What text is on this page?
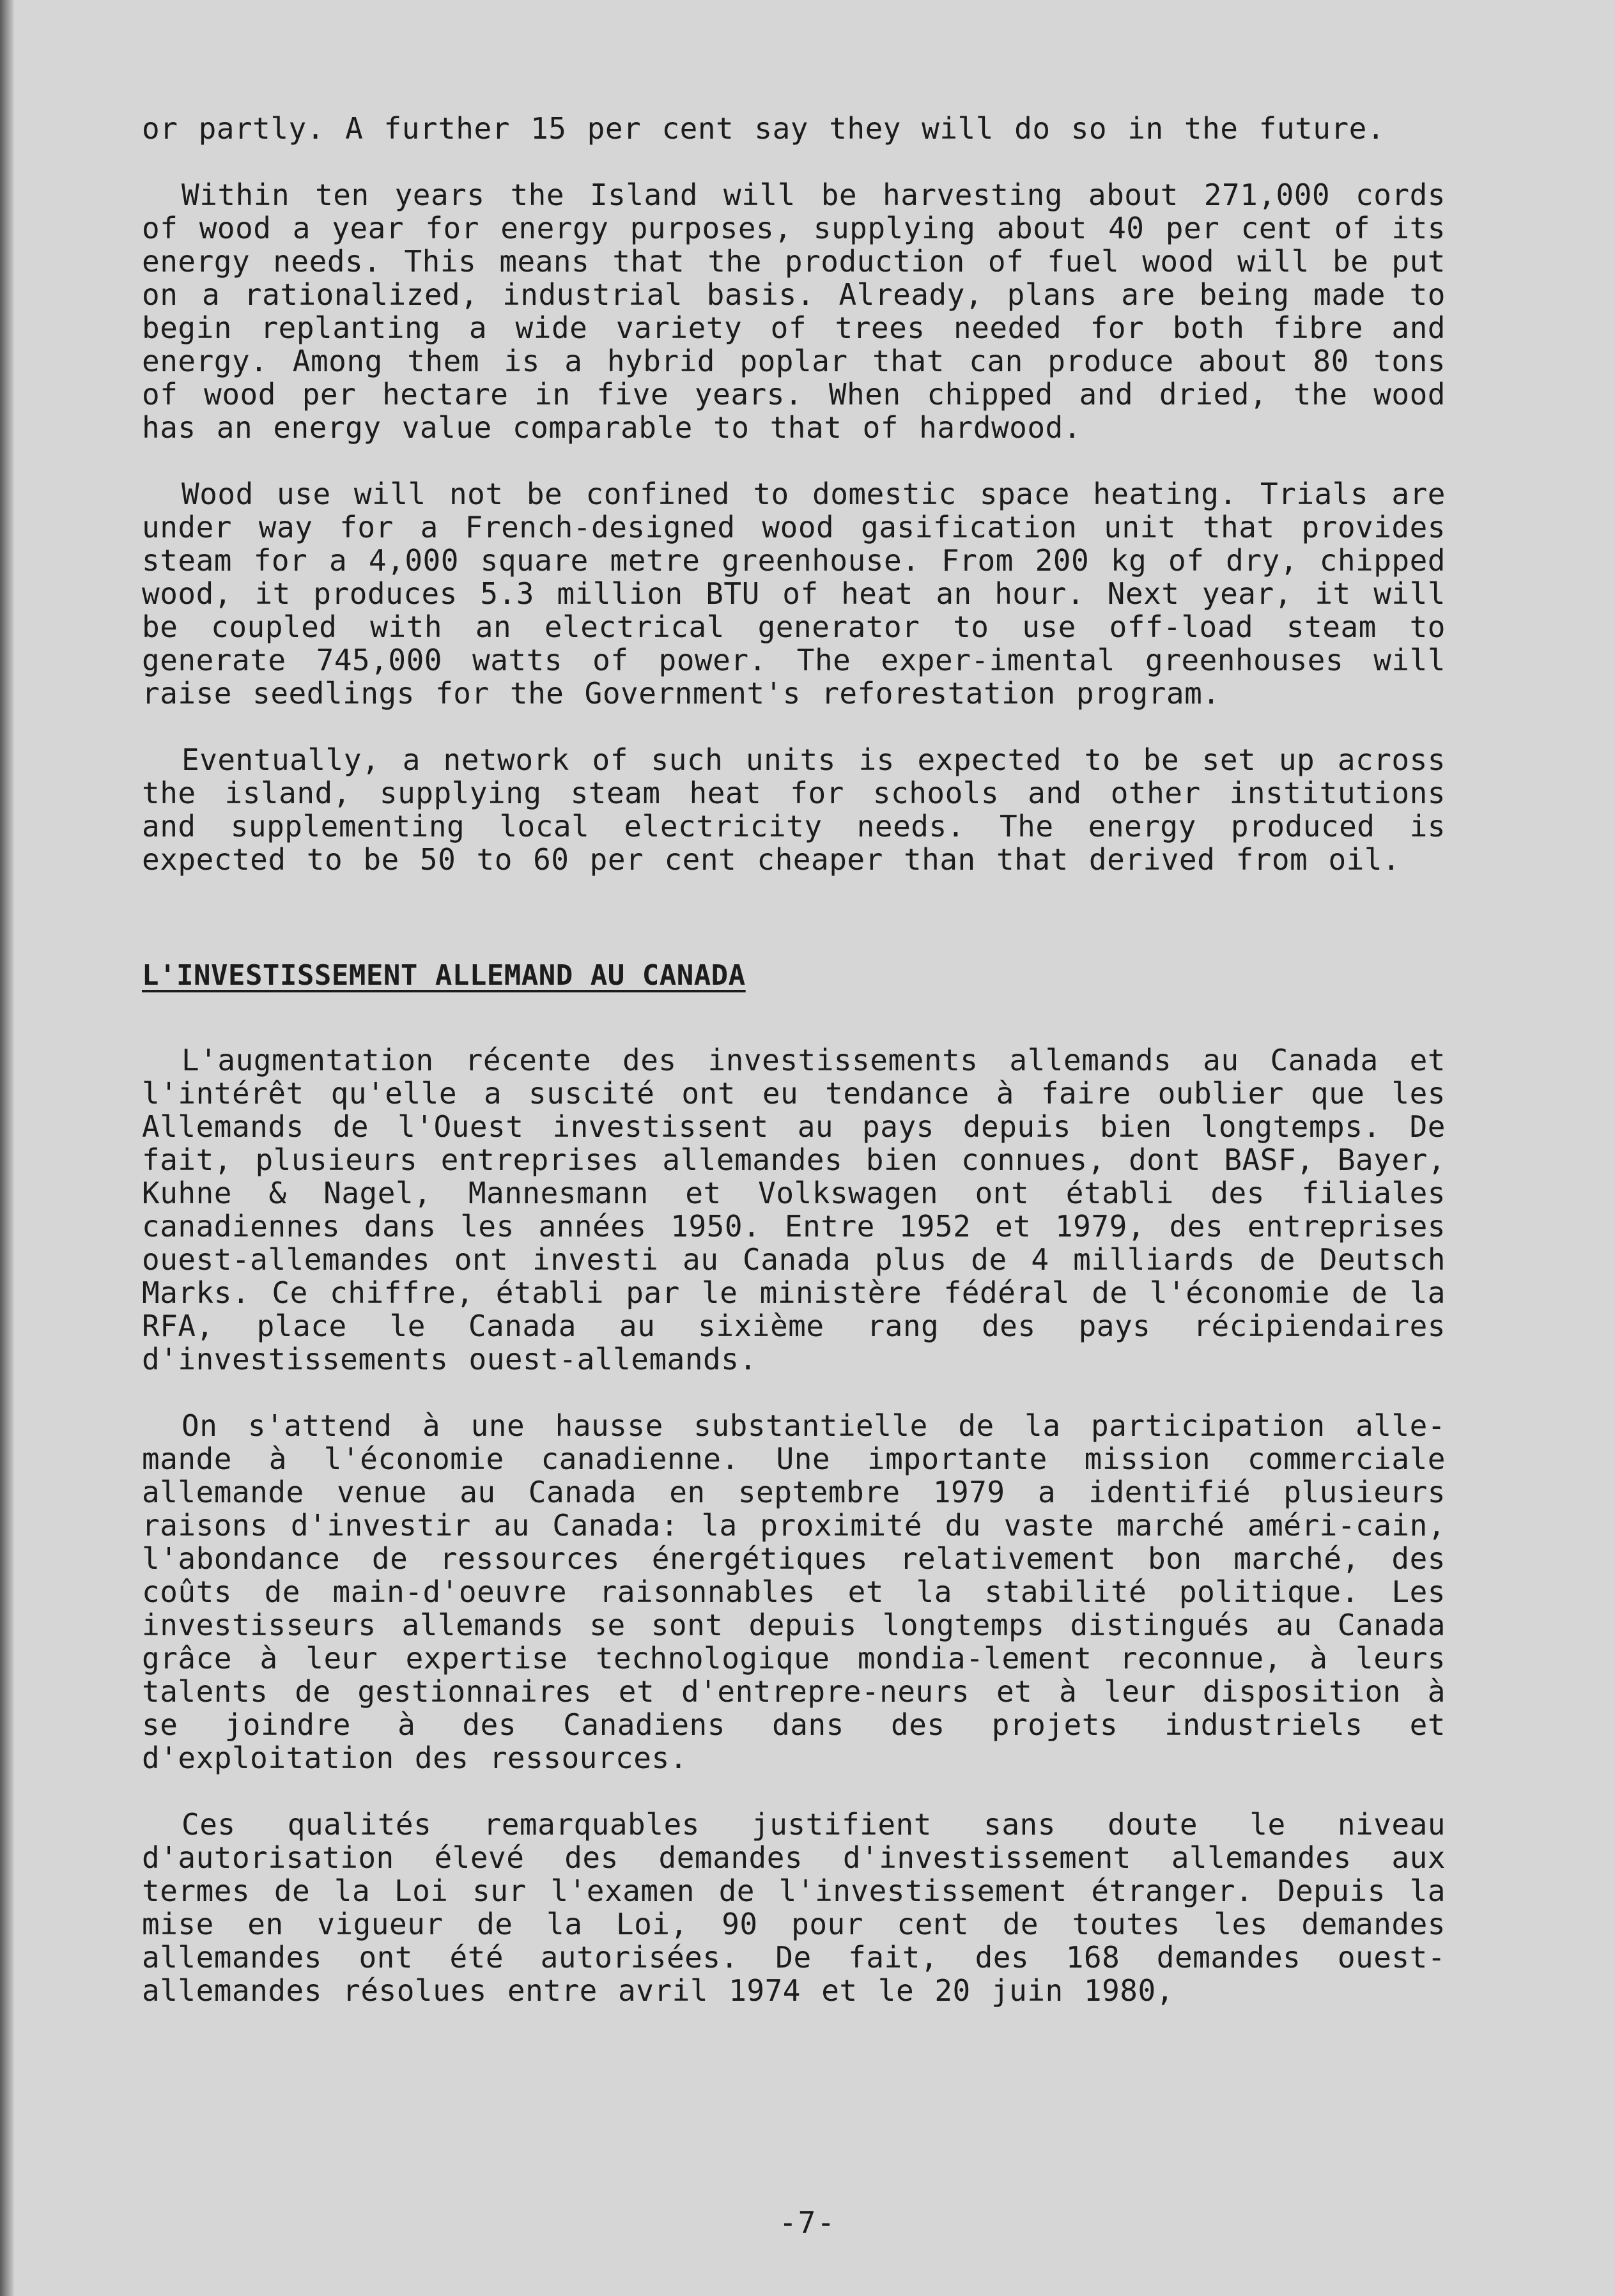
or partly. A further 15 per cent say they will do so in the future.

Within ten years the Island will be harvesting about 271,000 cords of wood a year for energy purposes, supplying about 40 per cent of its energy needs. This means that the production of fuel wood will be put on a rationalized, industrial basis. Already, plans are being made to begin replanting a wide variety of trees needed for both fibre and energy. Among them is a hybrid poplar that can produce about 80 tons of wood per hectare in five years. When chipped and dried, the wood has an energy value comparable to that of hardwood.

Wood use will not be confined to domestic space heating. Trials are under way for a French-designed wood gasification unit that provides steam for a 4,000 square metre greenhouse. From 200 kg of dry, chipped wood, it produces 5.3 million BTU of heat an hour. Next year, it will be coupled with an electrical generator to use off-load steam to generate 745,000 watts of power. The exper-imental greenhouses will raise seedlings for the Government's reforestation program.

Eventually, a network of such units is expected to be set up across the island, supplying steam heat for schools and other institutions and supplementing local electricity needs. The energy produced is expected to be 50 to 60 per cent cheaper than that derived from oil.

L'INVESTISSEMENT ALLEMAND AU CANADA

L'augmentation récente des investissements allemands au Canada et l'intérêt qu'elle a suscité ont eu tendance à faire oublier que les Allemands de l'Ouest investissent au pays depuis bien longtemps. De fait, plusieurs entreprises allemandes bien connues, dont BASF, Bayer, Kuhne & Nagel, Mannesmann et Volkswagen ont établi des filiales canadiennes dans les années 1950. Entre 1952 et 1979, des entreprises ouest-allemandes ont investi au Canada plus de 4 milliards de Deutsch Marks. Ce chiffre, établi par le ministère fédéral de l'économie de la RFA, place le Canada au sixième rang des pays récipiendaires d'investissements ouest-allemands.

On s'attend à une hausse substantielle de la participation alle-mande à l'économie canadienne. Une importante mission commerciale allemande venue au Canada en septembre 1979 a identifié plusieurs raisons d'investir au Canada: la proximité du vaste marché améri-cain, l'abondance de ressources énergétiques relativement bon marché, des coûts de main-d'oeuvre raisonnables et la stabilité politique. Les investisseurs allemands se sont depuis longtemps distingués au Canada grâce à leur expertise technologique mondia-lement reconnue, à leurs talents de gestionnaires et d'entrepre-neurs et à leur disposition à se joindre à des Canadiens dans des projets industriels et d'exploitation des ressources.

Ces qualités remarquables justifient sans doute le niveau d'autorisation élevé des demandes d'investissement allemandes aux termes de la Loi sur l'examen de l'investissement étranger. Depuis la mise en vigueur de la Loi, 90 pour cent de toutes les demandes allemandes ont été autorisées. De fait, des 168 demandes ouest-allemandes résolues entre avril 1974 et le 20 juin 1980,

-7-
